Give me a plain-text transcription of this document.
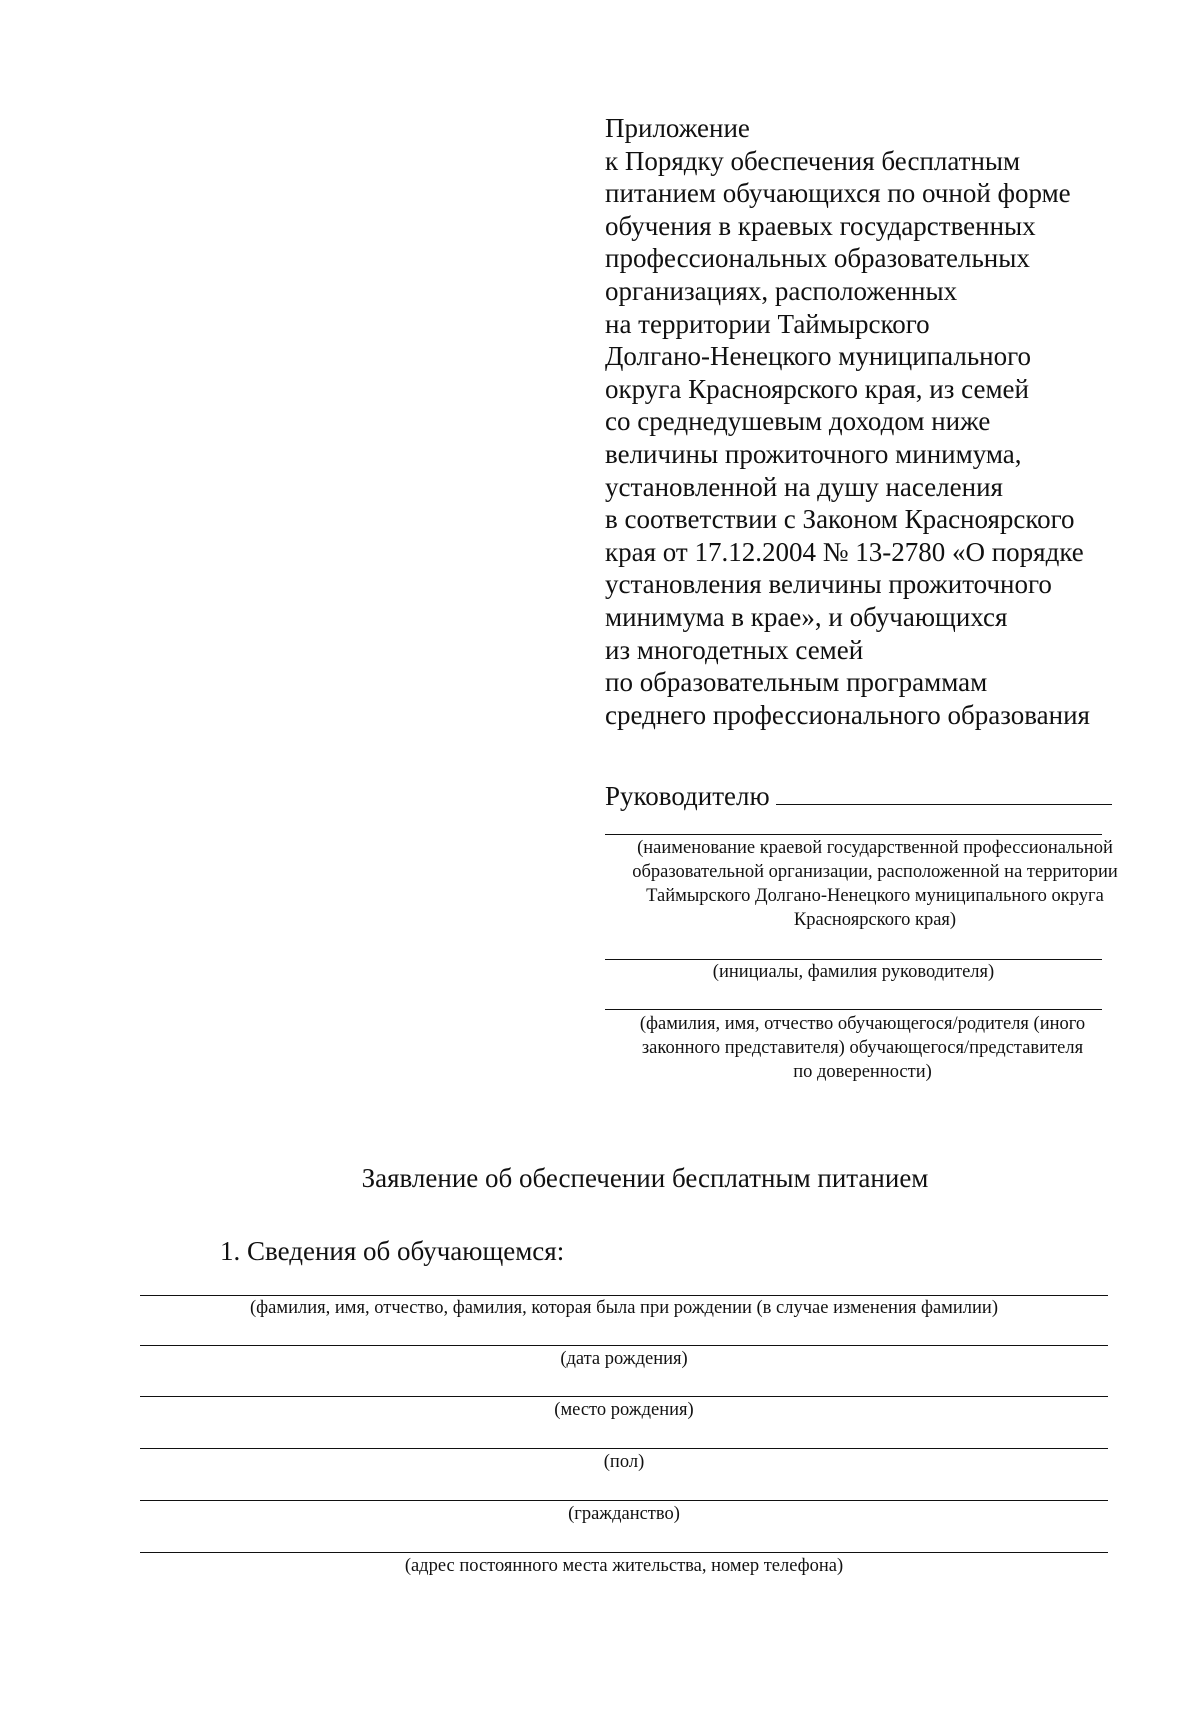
Приложение
к Порядку обеспечения бесплатным
питанием обучающихся по очной форме
обучения в краевых государственных
профессиональных образовательных
организациях, расположенных
на территории Таймырского
Долгано-Ненецкого муниципального
округа Красноярского края, из семей
со среднедушевым доходом ниже
величины прожиточного минимума,
установленной на душу населения
в соответствии с Законом Красноярского
края от 17.12.2004 № 13-2780 «О порядке
установления величины прожиточного
минимума в крае», и обучающихся
из многодетных семей
по образовательным программам
среднего профессионального образования
Руководителю
(наименование краевой государственной профессиональной
образовательной организации, расположенной на территории
Таймырского Долгано-Ненецкого муниципального округа
Красноярского края)
(инициалы, фамилия руководителя)
(фамилия, имя, отчество обучающегося/родителя (иного
законного представителя) обучающегося/представителя
по доверенности)
Заявление об обеспечении бесплатным питанием
1. Сведения об обучающемся:
(фамилия, имя, отчество, фамилия, которая была при рождении (в случае изменения фамилии)
(дата рождения)
(место рождения)
(пол)
(гражданство)
(адрес постоянного места жительства, номер телефона)
